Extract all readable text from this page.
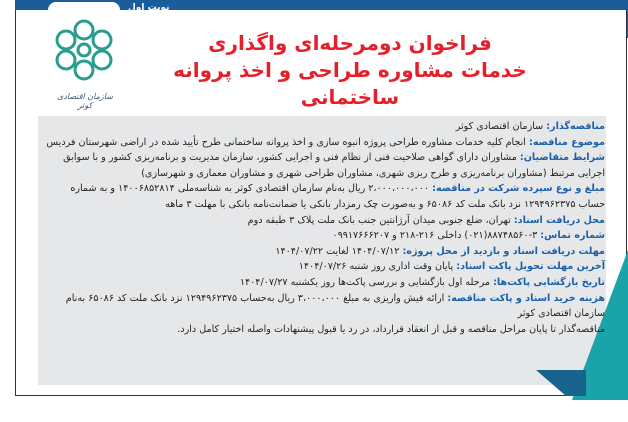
نوبت اول
سازمان اقتصادی کوثر
فراخوان دومرحله‌ای واگذاری
خدمات مشاوره طراحی و اخذ پروانه ساختمانی

مناقصه‌گذار: سازمان اقتصادی کوثر

موضوع مناقصه: انجام کلیه خدمات مشاوره طراحی پروژه انبوه سازی و اخذ پروانه ساختمانی طرح تأیید شده در اراضی شهرستان فردیس

شرایط متقاضیان: مشاوران دارای گواهی صلاحیت فنی از نظام فنی و اجرایی کشور، سازمان مدیریت و برنامه‌ریزی کشور و با سوابق اجرایی مرتبط (مشاوران برنامه‌ریزی و طرح ریزی شهری، مشاوران طراحی شهری و مشاوران معماری و شهرسازی)

مبلغ و نوع سپرده شرکت در مناقصه: ۲،۰۰۰،۰۰۰،۰۰۰ ریال به‌نام سازمان اقتصادی کوثر به شناسه‌ملی ۱۴۰۰۶۸۵۲۸۱۴ و به شماره حساب ۱۲۹۴۹۶۲۳۷۵ نزد بانک ملت کد ۶۵۰۸۶ و به‌صورت چک رمزدار بانکی یا ضمانت‌نامه بانکی با مهلت ۳ ماهه

محل دریافت اسناد: تهران، ضلع جنوبی میدان آرژانتین جنب بانک ملت پلاک ۳ طبقه دوم

شماره تماس: ۳-۸۸۷۴۸۵۶۰(۰۲۱) داخلی ۲۱۶-۲۱۸ و ۰۹۹۱۷۶۶۶۲۰۷

مهلت دریافت اسناد و بازدید از محل پروژه: ۱۴۰۴/۰۷/۱۲ لغایت ۱۴۰۴/۰۷/۲۲

آخرین مهلت تحویل پاکت اسناد: پایان وقت اداری روز شنبه ۱۴۰۴/۰۷/۲۶

تاریخ بازگشایی پاکت‌ها: مرحله اول بازگشایی و بررسی پاکت‌ها روز یکشنبه ۱۴۰۴/۰۷/۲۷

هزینه خرید اسناد و پاکت مناقصه: ارائه فیش واریزی به مبلغ ۳،۰۰۰،۰۰۰ ریال به‌حساب ۱۲۹۴۹۶۲۳۷۵ نزد بانک ملت کد ۶۵۰۸۶ به‌نام سازمان اقتصادی کوثر

مناقصه‌گذار تا پایان مراحل مناقصه و قبل از انعقاد قرارداد، در رد یا قبول پیشنهادات واصله اختیار کامل دارد.
